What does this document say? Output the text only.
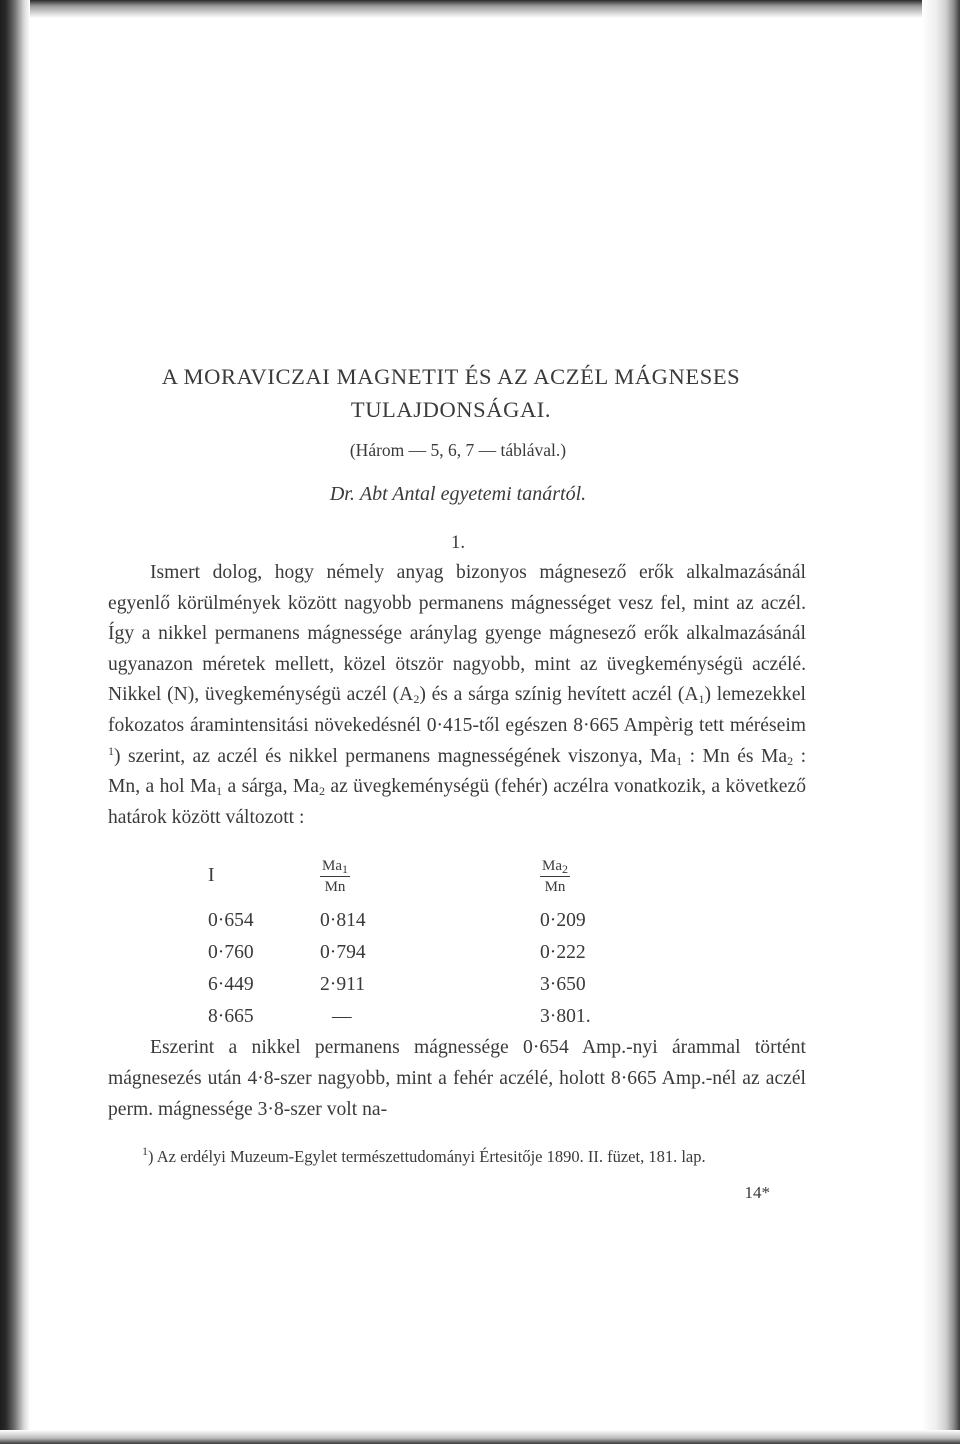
A MORAVICZAI MAGNETIT ÉS AZ ACZÉL MÁGNESES
TULAJDONSÁGAI.
(Három — 5, 6, 7 — táblával.)
Dr. Abt Antal egyetemi tanártól.
1.

Ismert dolog, hogy némely anyag bizonyos mágnesező erők alkalmazásánál egyenlő körülmények között nagyobb permanens mágnességet vesz fel, mint az aczél. Így a nikkel permanens mágnessége aránylag gyenge mágnesező erők alkalmazásánál ugyanazon méretek mellett, közel ötször nagyobb, mint az üvegkeménységü aczélé. Nikkel (N), üvegkeménységü aczél $(A_2)$ és a sárga színig hevített aczél $(A_1)$ lemezekkel fokozatos áramintensitási növekedésnél 0·415-től egészen 8·665 Ampèrig tett méréseim $^1$) szerint, az aczél és nikkel permanens magnességének viszonya, $Ma_1$ : Mn és $Ma_2$ : Mn, a hol $Ma_1$ a sárga, $Ma_2$ az üvegkeménységü (fehér) aczélra vonatkozik, a következő határok között változott :

I	$\frac{Ma_1}{Mn}$	$\frac{Ma_2}{Mn}$

0·654	0·814	0·209
0·760	0·794	0·222
6·449	2·911	3·650
8·665	—	3·801.

Eszerint a nikkel permanens mágnessége 0·654 Amp.-nyi árammal történt mágnesezés után 4·8-szer nagyobb, mint a fehér aczélé, holott 8·665 Amp.-nél az aczél perm. mágnessége 3·8-szer volt na-

$^1$) Az erdélyi Muzeum-Egylet természettudományi Értesitője 1890. II. füzet, 181. lap.

14*
